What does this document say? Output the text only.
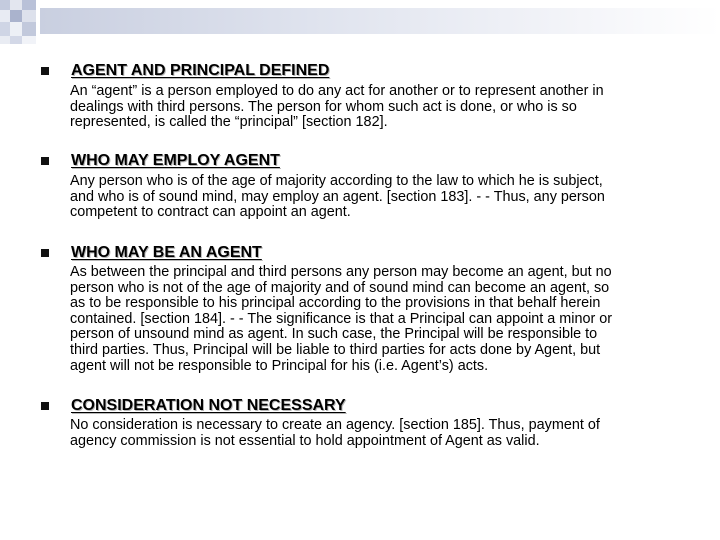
AGENT AND PRINCIPAL DEFINED
An “agent” is a person employed to do any act for another or to represent another in
dealings with third persons. The person for whom such act is done, or who is so
represented, is called the “principal” [section 182].
WHO MAY EMPLOY AGENT
Any person who is of the age of majority according to the law to which he is subject,
and who is of sound mind, may employ an agent. [section 183]. - - Thus, any person
competent to contract can appoint an agent.
WHO MAY BE AN AGENT
As between the principal and third persons any person may become an agent, but no
person who is not of the age of majority and of sound mind can become an agent, so
as to be responsible to his principal according to the provisions in that behalf herein
contained. [section 184]. - - The significance is that a Principal can appoint a minor or
person of unsound mind as agent. In such case, the Principal will be responsible to
third parties. Thus, Principal will be liable to third parties for acts done by Agent, but
agent will not be responsible to Principal for his (i.e. Agent’s) acts.
CONSIDERATION NOT NECESSARY
No consideration is necessary to create an agency. [section 185]. Thus, payment of
agency commission is not essential to hold appointment of Agent as valid.
